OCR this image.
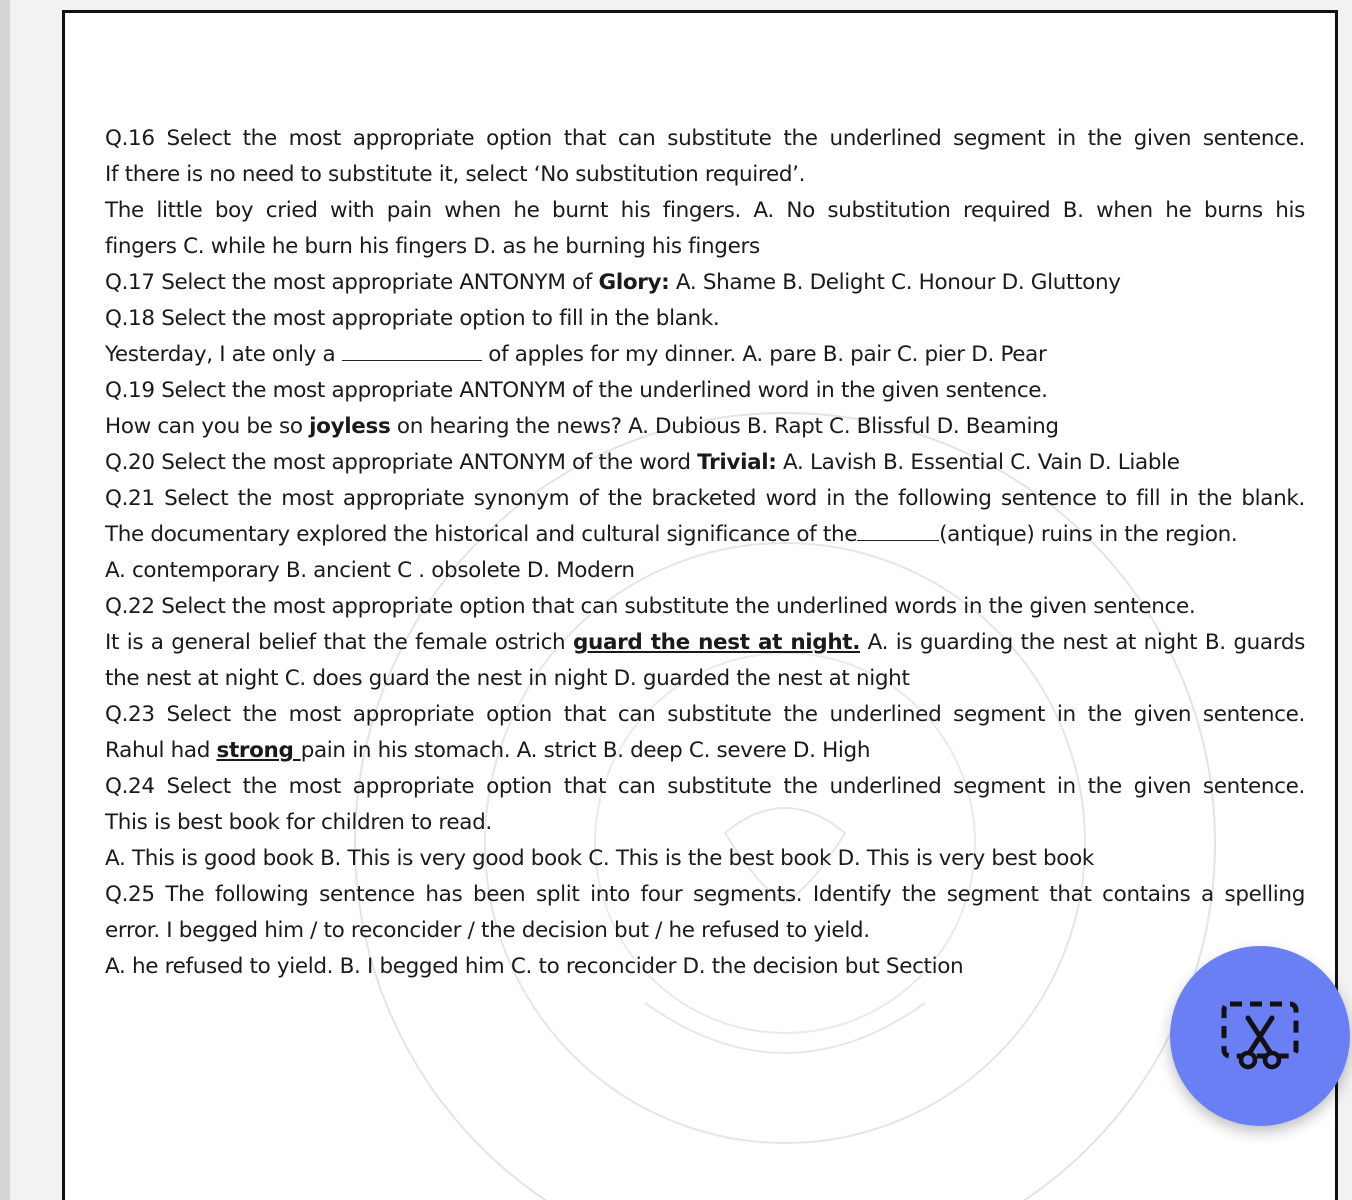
Q.16 Select the most appropriate option that can substitute the underlined segment in the given sentence.
If there is no need to substitute it, select ‘No substitution required’.
The little boy cried with pain when he burnt his fingers. A. No substitution required B. when he burns his
fingers C. while he burn his fingers D. as he burning his fingers
Q.17 Select the most appropriate ANTONYM of Glory: A. Shame B. Delight C. Honour D. Gluttony
Q.18 Select the most appropriate option to fill in the blank.
Yesterday, I ate only a	of apples for my dinner. A. pare B. pair C. pier D. Pear
Q.19 Select the most appropriate ANTONYM of the underlined word in the given sentence.
How can you be so joyless on hearing the news? A. Dubious B. Rapt C. Blissful D. Beaming
Q.20 Select the most appropriate ANTONYM of the word Trivial: A. Lavish B. Essential C. Vain D. Liable
Q.21 Select the most appropriate synonym of the bracketed word in the following sentence to fill in the blank.
The documentary explored the historical and cultural significance of the	(antique) ruins in the region.
A. contemporary B. ancient C . obsolete D. Modern
Q.22 Select the most appropriate option that can substitute the underlined words in the given sentence.
It is a general belief that the female ostrich guard the nest at night. A. is guarding the nest at night B. guards
the nest at night C. does guard the nest in night D. guarded the nest at night
Q.23 Select the most appropriate option that can substitute the underlined segment in the given sentence.
Rahul had strong pain in his stomach. A. strict B. deep C. severe D. High
Q.24 Select the most appropriate option that can substitute the underlined segment in the given sentence.
This is best book for children to read.
A. This is good book B. This is very good book C. This is the best book D. This is very best book
Q.25 The following sentence has been split into four segments. Identify the segment that contains a spelling
error. I begged him / to reconcider / the decision but / he refused to yield.
A. he refused to yield. B. I begged him C. to reconcider D. the decision but Section
